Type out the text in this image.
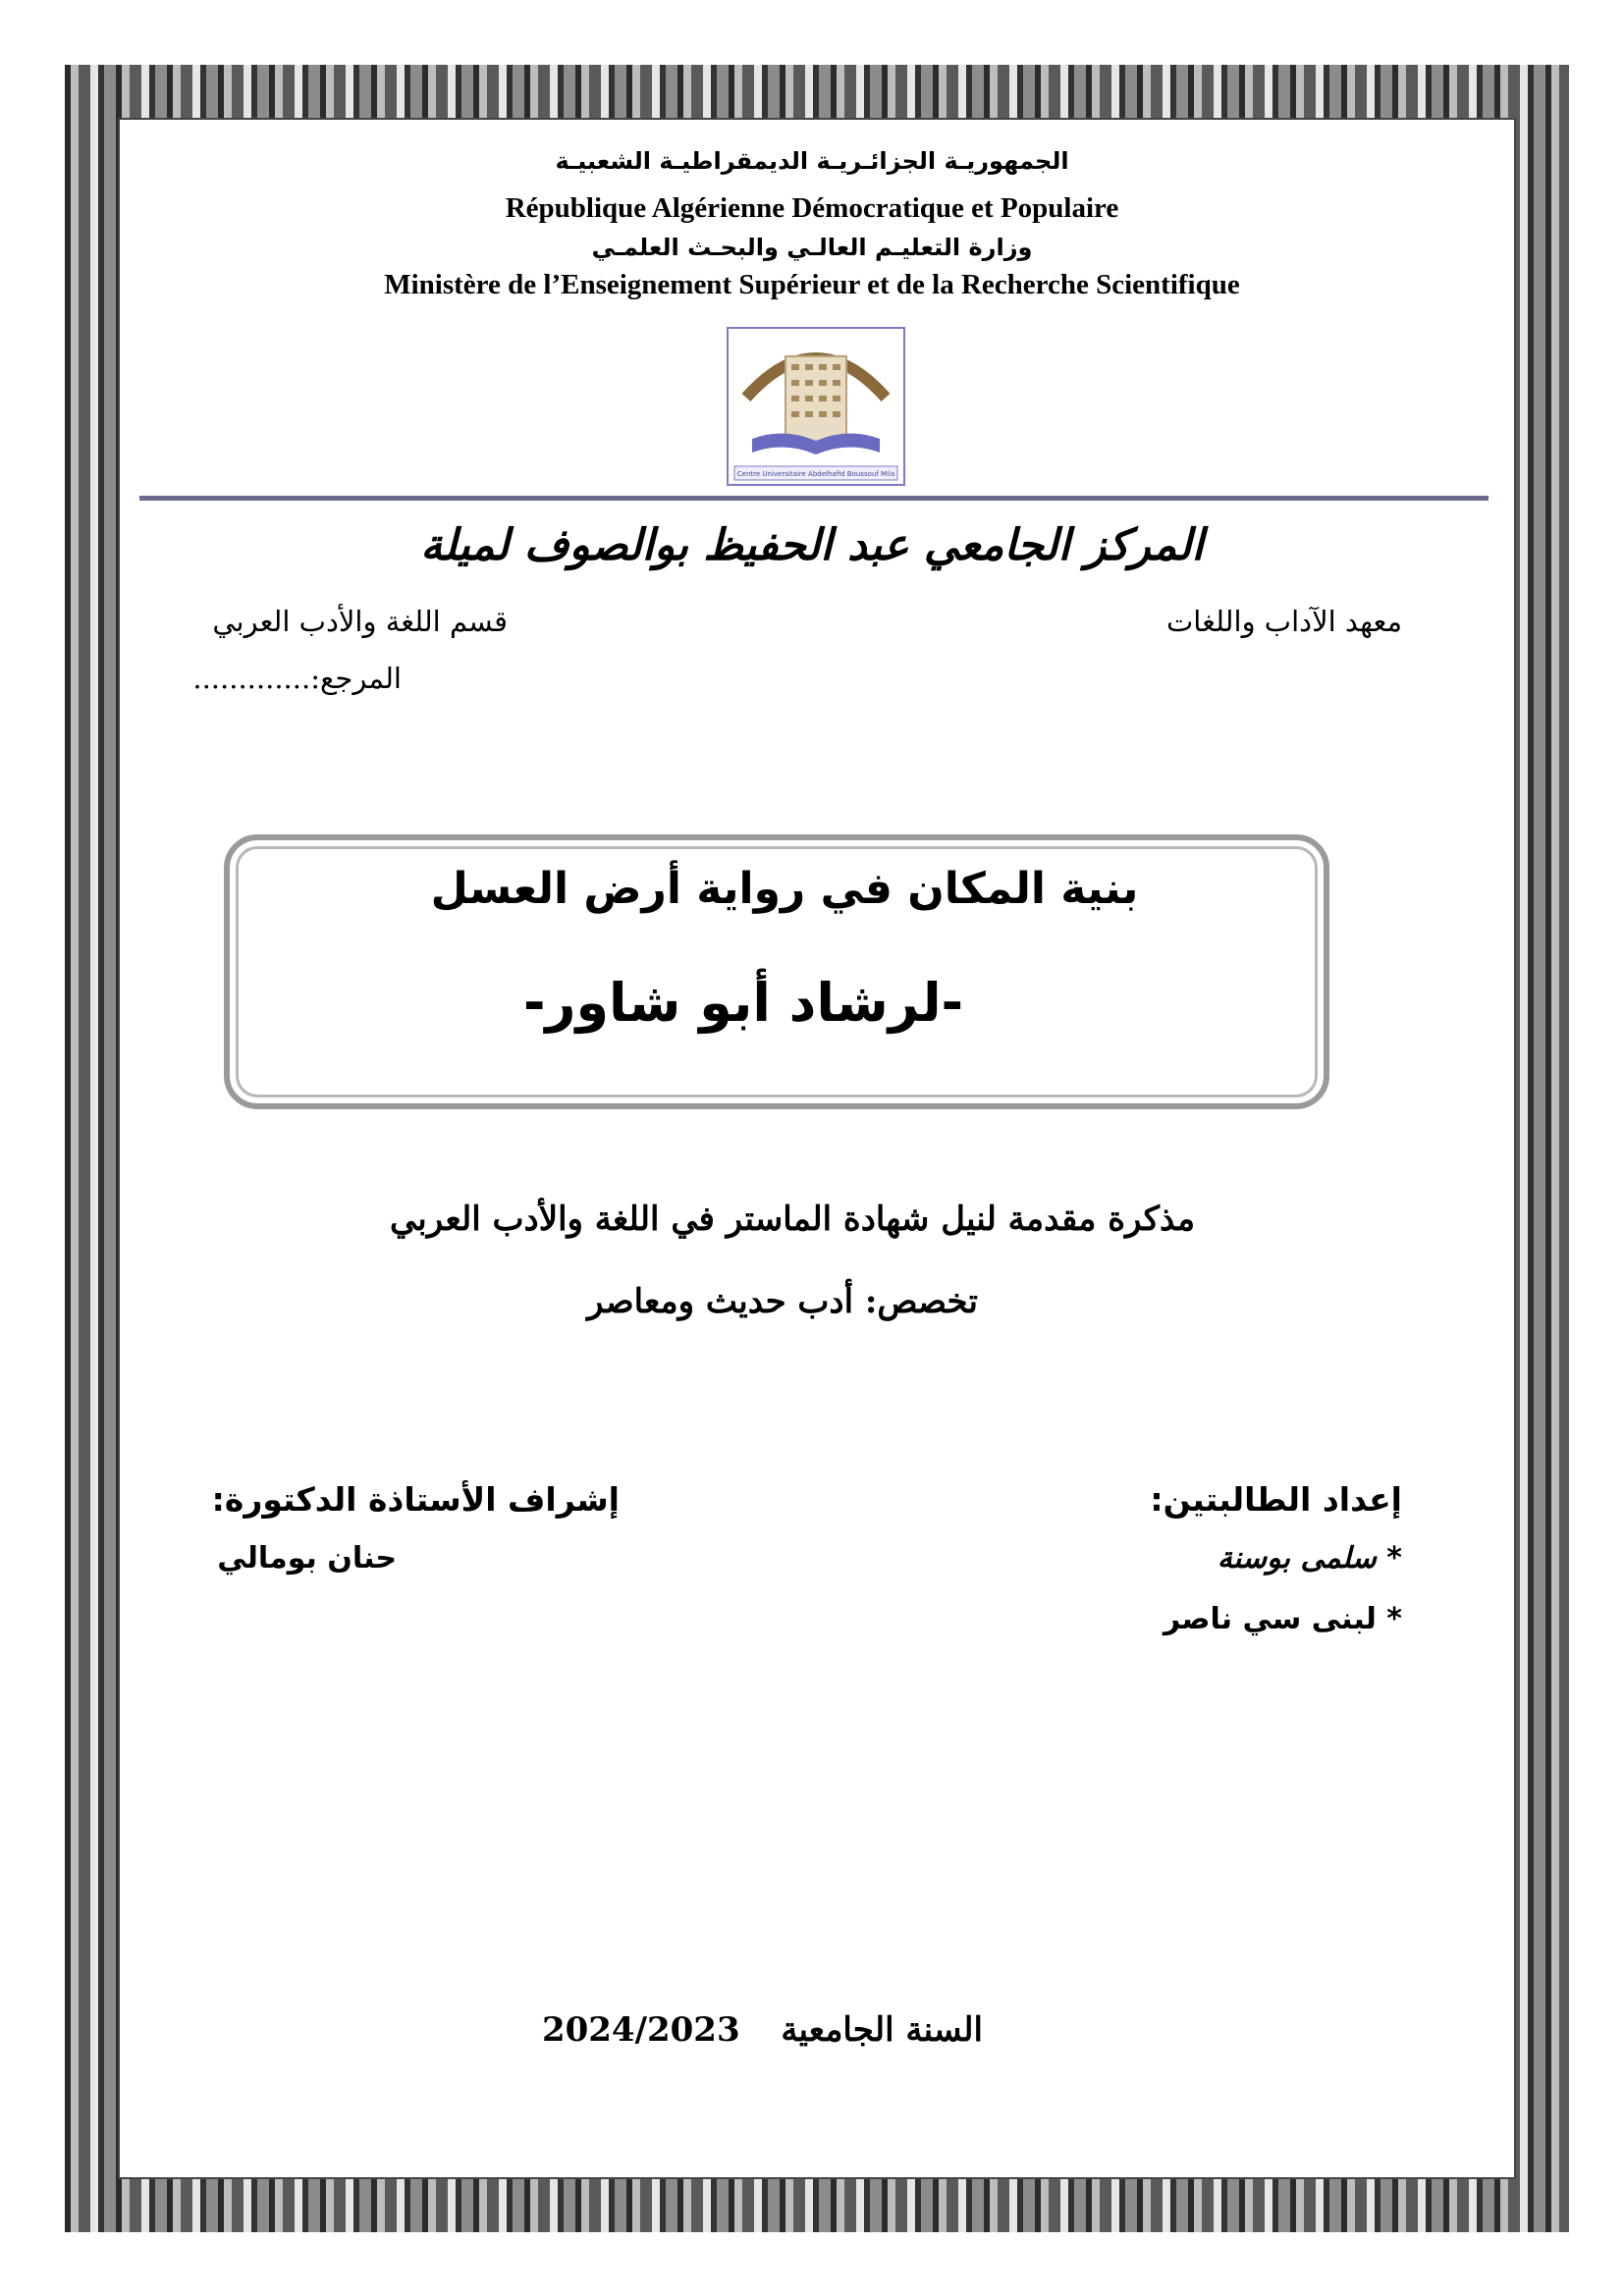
الجمهوريـة الجزائـريـة الديمقراطيـة الشعبيـة
République Algérienne Démocratique et Populaire
وزارة التعليـم العالـي والبحـث العلمـي
Ministère de l’Enseignement Supérieur et de la Recherche Scientifique
Centre Universitaire Abdelhafid Boussouf Mila
المركز الجامعي عبد الحفيظ بوالصوف لميلة
معهد الآداب واللغات
قسم اللغة والأدب العربي
المرجع:.............
بنية المكان في رواية أرض العسل
-لرشاد أبو شاور-
مذكرة مقدمة لنيل شهادة الماستر في اللغة والأدب العربي
تخصص: أدب حديث ومعاصر
إعداد الطالبتين:
* سلمى بوسنة
* لبنى سي ناصر
إشراف الأستاذة الدكتورة:
حنان بومالي
السنة الجامعية  2024/2023
